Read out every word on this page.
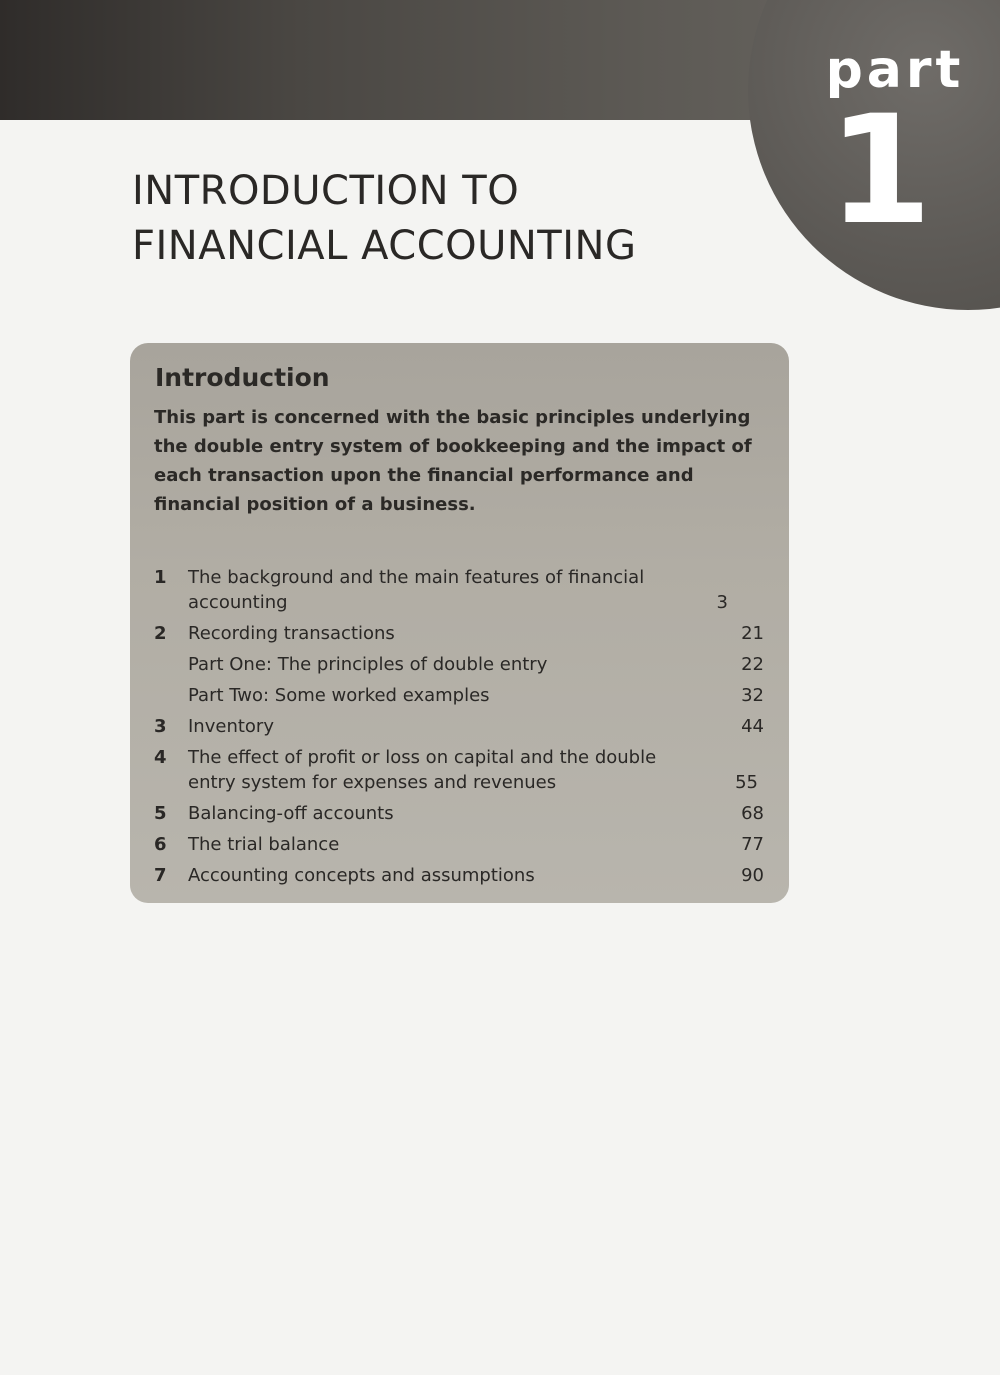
part
1
INTRODUCTION TO
FINANCIAL ACCOUNTING
Introduction

This part is concerned with the basic principles underlying the double entry system of bookkeeping and the impact of each transaction upon the financial performance and financial position of a business.

1	The background and the main features of financial accounting	3
2	Recording transactions	21
Part One: The principles of double entry	22
Part Two: Some worked examples	32
3	Inventory	44
4	The effect of profit or loss on capital and the double entry system for expenses and revenues	55
5	Balancing-off accounts	68
6	The trial balance	77
7	Accounting concepts and assumptions	90
